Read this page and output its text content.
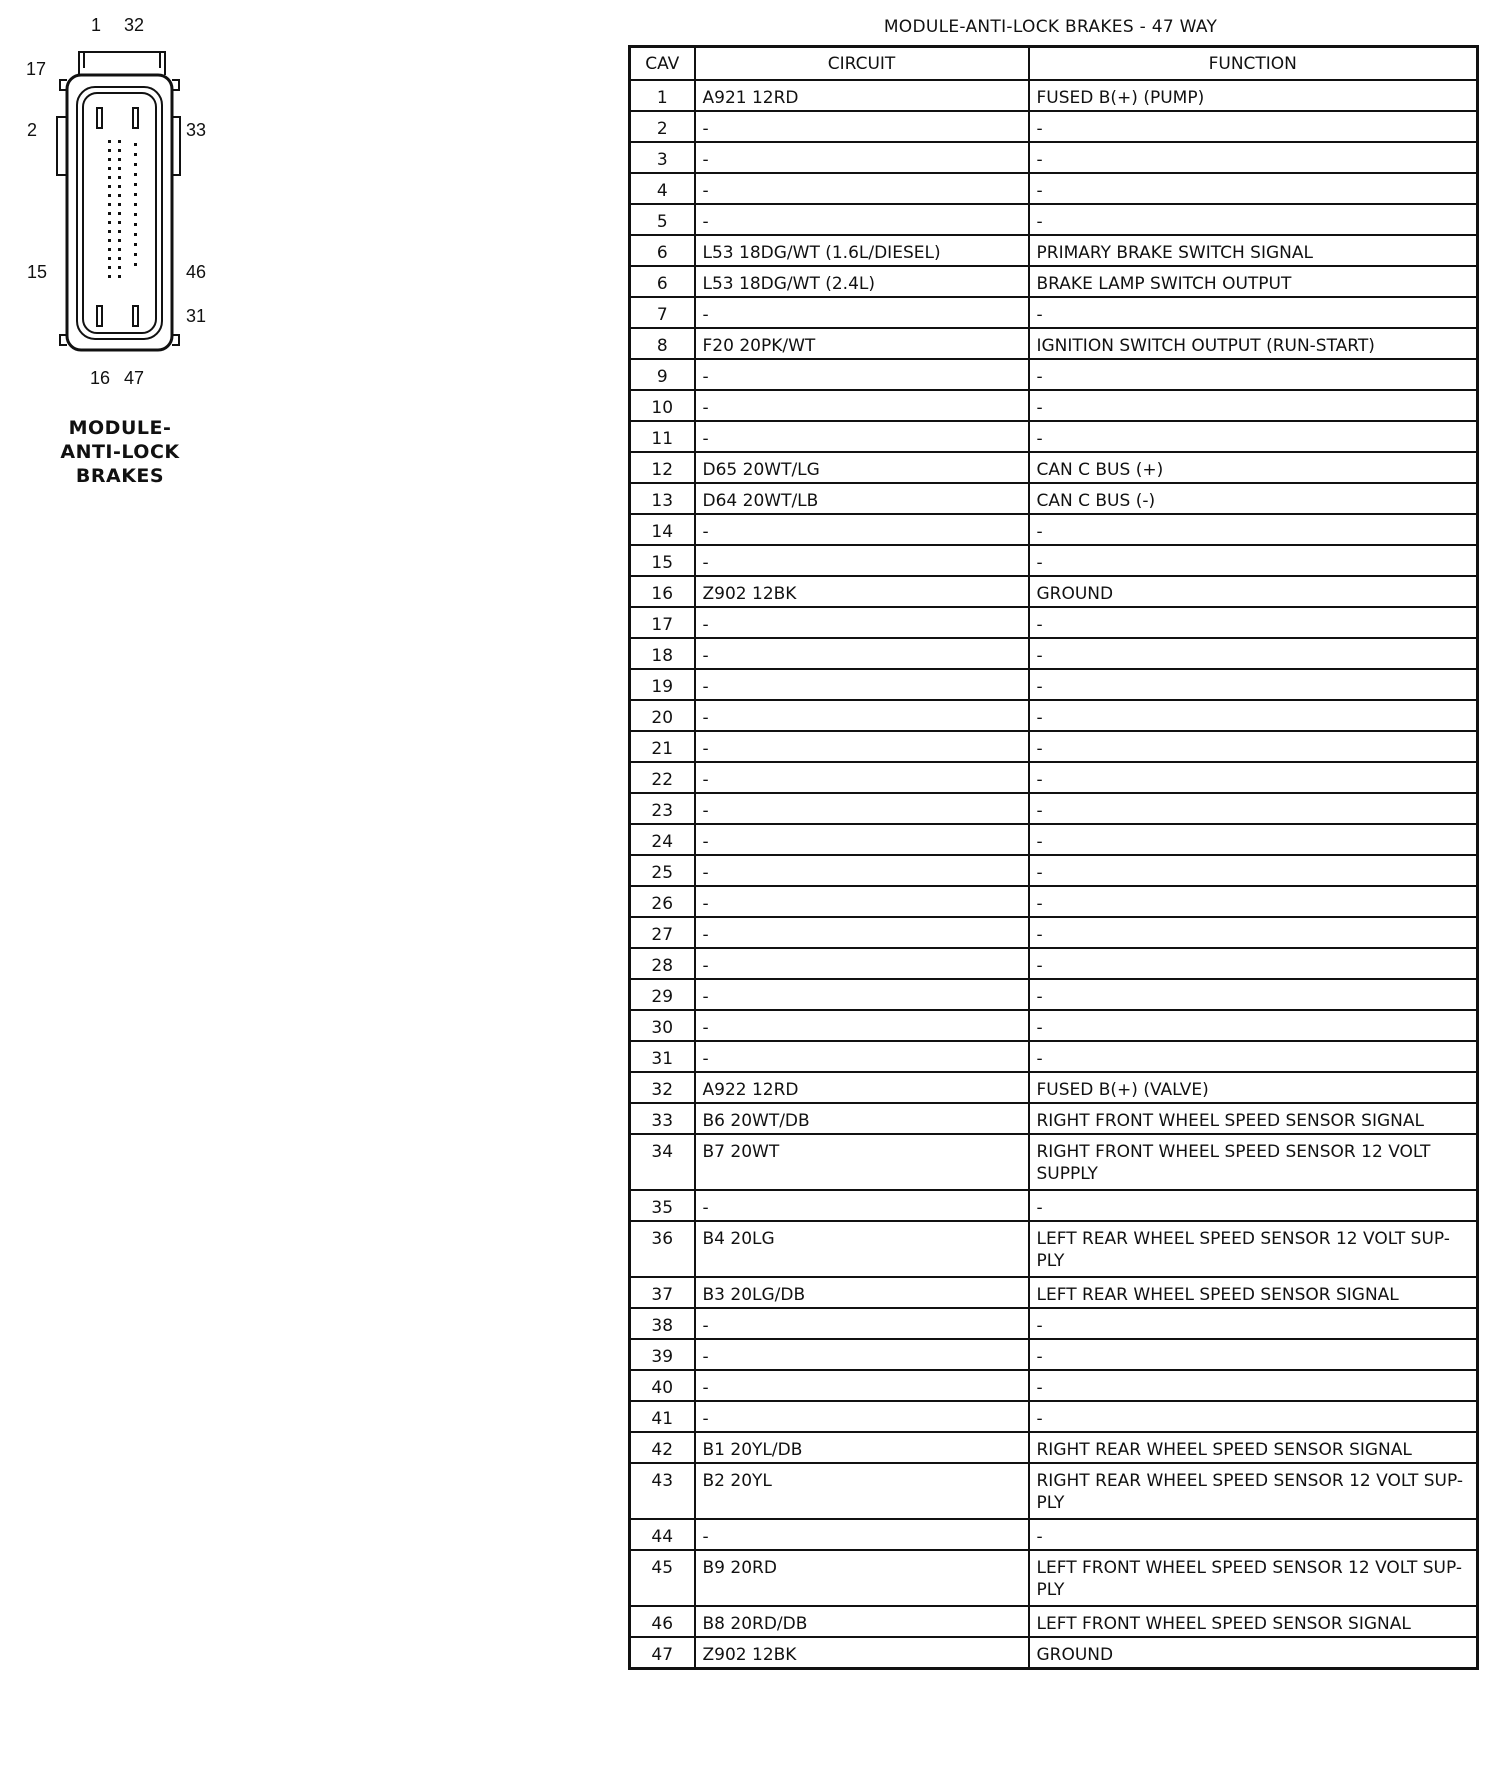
1 32
17
2	33
15	46
31
16 47
MODULE-
ANTI-LOCK
BRAKES
MODULE-ANTI-LOCK BRAKES - 47 WAY
CAV	CIRCUIT	FUNCTION
1	A921 12RD	FUSED B(+) (PUMP)
2	-	-
3	-	-
4	-	-
5	-	-
6	L53 18DG/WT (1.6L/DIESEL)	PRIMARY BRAKE SWITCH SIGNAL
6	L53 18DG/WT (2.4L)	BRAKE LAMP SWITCH OUTPUT
7	-	-
8	F20 20PK/WT	IGNITION SWITCH OUTPUT (RUN-START)
9	-	-
10	-	-
11	-	-
12	D65 20WT/LG	CAN C BUS (+)
13	D64 20WT/LB	CAN C BUS (-)
14	-	-
15	-	-
16	Z902 12BK	GROUND
17	-	-
18	-	-
19	-	-
20	-	-
21	-	-
22	-	-
23	-	-
24	-	-
25	-	-
26	-	-
27	-	-
28	-	-
29	-	-
30	-	-
31	-	-
32	A922 12RD	FUSED B(+) (VALVE)
33	B6 20WT/DB	RIGHT FRONT WHEEL SPEED SENSOR SIGNAL
34	B7 20WT	RIGHT FRONT WHEEL SPEED SENSOR 12 VOLT SUPPLY
35	-	-
36	B4 20LG	LEFT REAR WHEEL SPEED SENSOR 12 VOLT SUP-PLY
37	B3 20LG/DB	LEFT REAR WHEEL SPEED SENSOR SIGNAL
38	-	-
39	-	-
40	-	-
41	-	-
42	B1 20YL/DB	RIGHT REAR WHEEL SPEED SENSOR SIGNAL
43	B2 20YL	RIGHT REAR WHEEL SPEED SENSOR 12 VOLT SUP-PLY
44	-	-
45	B9 20RD	LEFT FRONT WHEEL SPEED SENSOR 12 VOLT SUP-PLY
46	B8 20RD/DB	LEFT FRONT WHEEL SPEED SENSOR SIGNAL
47	Z902 12BK	GROUND
